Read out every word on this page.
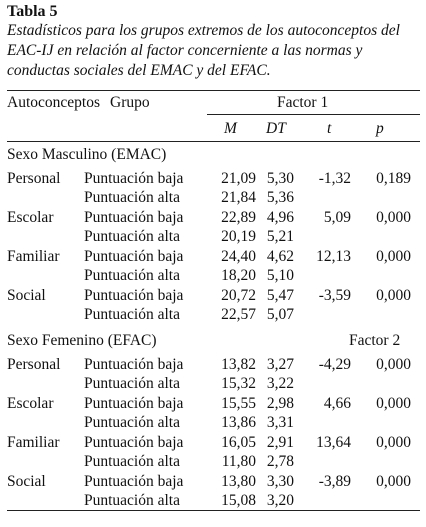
Tabla 5
Estadísticos para los grupos extremos de los autoconceptos del EAC-IJ en relación al factor concerniente a las normas y conductas sociales del EMAC y del EFAC.
Autoconceptos Grupo	Factor 1
M DT	t	p
Sexo Masculino (EMAC)
Personal Puntuación baja	21,09 5,30	-1,32	0,189
Puntuación alta	21,84 5,36
Escolar Puntuación baja	22,89 4,96	5,09	0,000
Puntuación alta	20,19 5,21
Familiar Puntuación baja	24,40 4,62	12,13	0,000
Puntuación alta	18,20 5,10
Social Puntuación baja	20,72 5,47	-3,59	0,000
Puntuación alta	22,57 5,07
Sexo Femenino (EFAC)	Factor 2
Personal Puntuación baja	13,82 3,27	-4,29	0,000
Puntuación alta	15,32 3,22
Escolar Puntuación baja	15,55 2,98	4,66	0,000
Puntuación alta	13,86 3,31
Familiar Puntuación baja	16,05 2,91	13,64	0,000
Puntuación alta	11,80 2,78
Social Puntuación baja	13,80 3,30	-3,89	0,000
Puntuación alta	15,08 3,20
